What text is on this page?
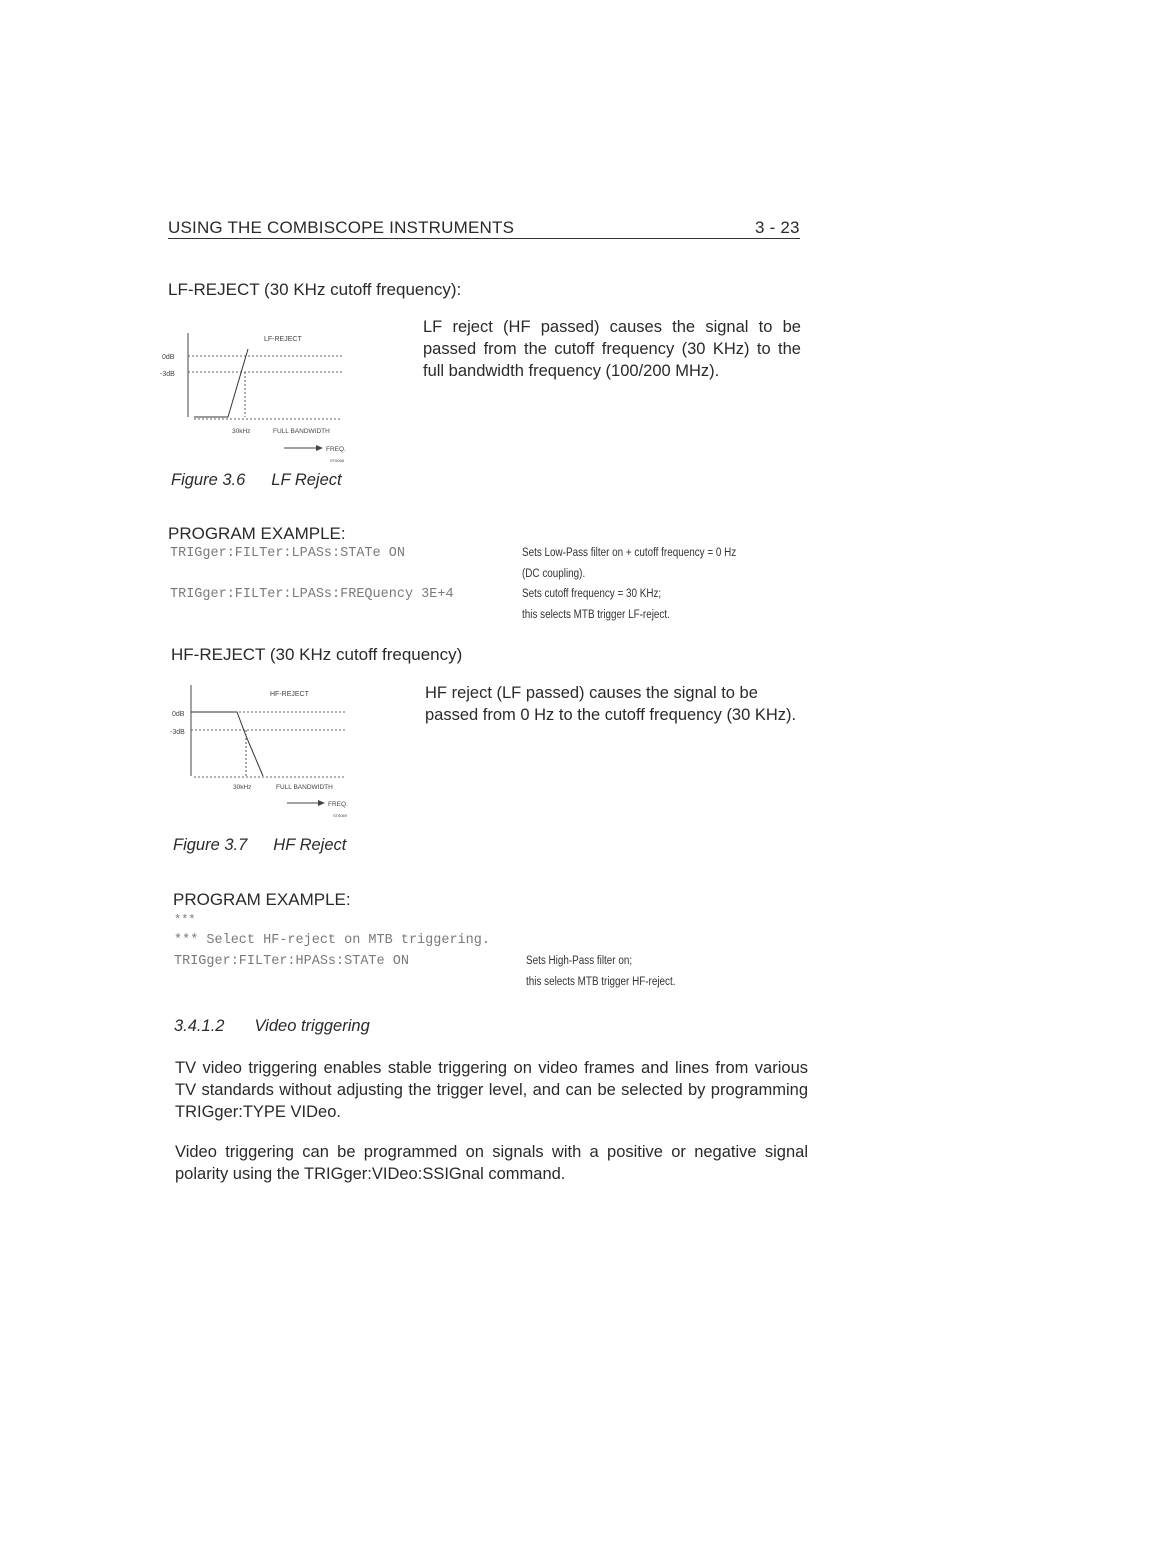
USING THE COMBISCOPE INSTRUMENTS	3 - 23
LF-REJECT (30 KHz cutoff frequency):
LF-REJECT
0dB
-3dB
30kHz	FULL BANDWIDTH
FREQ.
ST6068
LF reject (HF passed) causes the signal to be passed from the cutoff frequency (30 KHz) to the full bandwidth frequency (100/200 MHz).
Figure 3.6 LF Reject
PROGRAM EXAMPLE:
TRIGger:FILTer:LPASs:STATe ON	Sets Low-Pass filter on + cutoff frequency = 0 Hz
(DC coupling).
TRIGger:FILTer:LPASs:FREQuency 3E+4	Sets cutoff frequency = 30 KHz;
this selects MTB trigger LF-reject.
HF-REJECT (30 KHz cutoff frequency)
HF-REJECT
0dB
-3dB
30kHz	FULL BANDWIDTH
FREQ.
ST6069
HF reject (LF passed) causes the signal to be passed from 0 Hz to the cutoff frequency (30 KHz).
Figure 3.7 HF Reject
PROGRAM EXAMPLE:
***
*** Select HF-reject on MTB triggering.
TRIGger:FILTer:HPASs:STATe ON	Sets High-Pass filter on;
this selects MTB trigger HF-reject.
3.4.1.2 Video triggering
TV video triggering enables stable triggering on video frames and lines from various TV standards without adjusting the trigger level, and can be selected by programming TRIGger:TYPE VIDeo.
Video triggering can be programmed on signals with a positive or negative signal polarity using the TRIGger:VIDeo:SSIGnal command.
